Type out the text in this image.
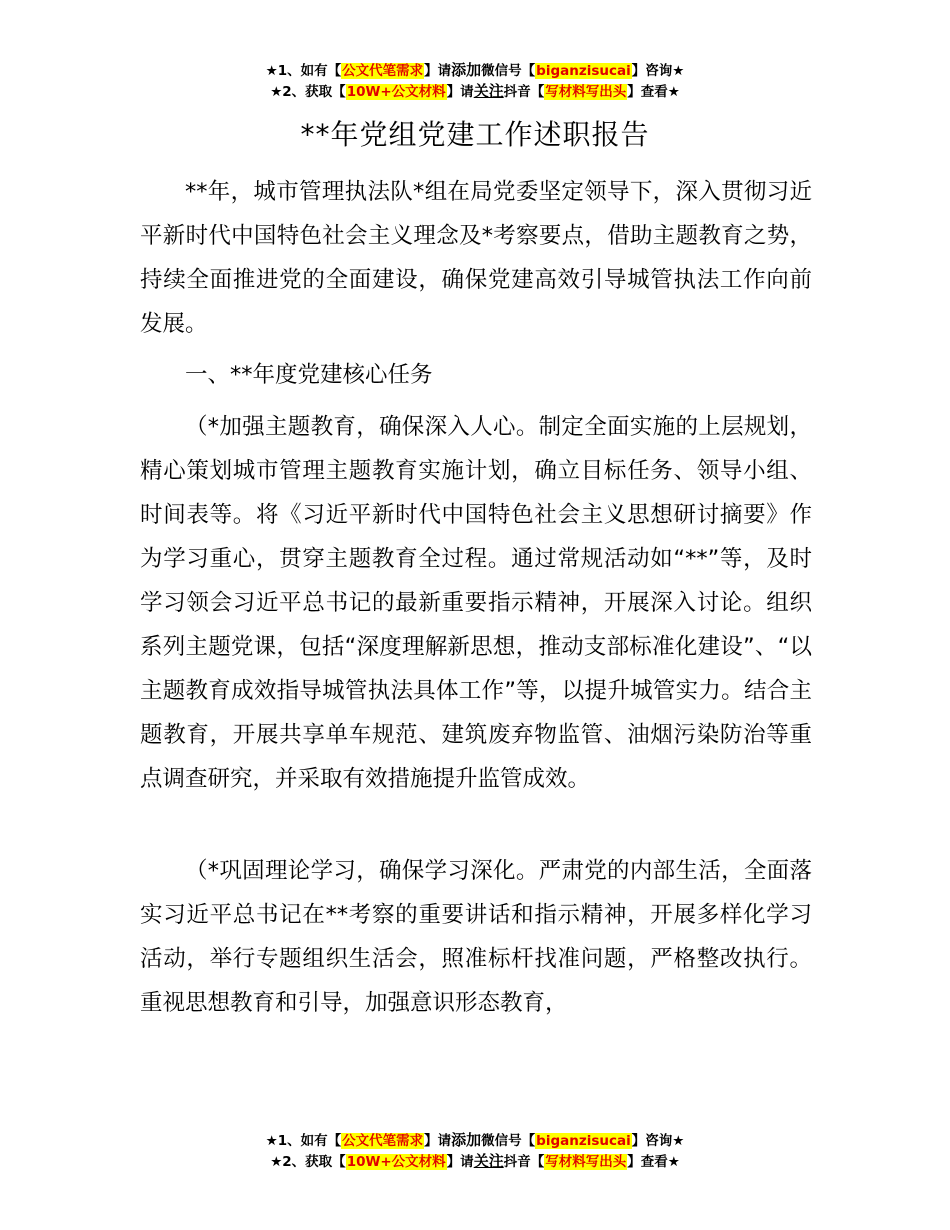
★1、如有【公文代笔需求】请添加微信号【biganzisucai】咨询★
★2、获取【10W+公文材料】请关注抖音【写材料写出头】查看★
**年党组党建工作述职报告

**年，城市管理执法队*组在局党委坚定领导下，深入贯彻习近平新时代中国特色社会主义理念及*考察要点，借助主题教育之势，持续全面推进党的全面建设，确保党建高效引导城管执法工作向前发展。

一、**年度党建核心任务

（*加强主题教育，确保深入人心。制定全面实施的上层规划，精心策划城市管理主题教育实施计划，确立目标任务、领导小组、时间表等。将《习近平新时代中国特色社会主义思想研讨摘要》作为学习重心，贯穿主题教育全过程。通过常规活动如“**”等，及时学习领会习近平总书记的最新重要指示精神，开展深入讨论。组织系列主题党课，包括“深度理解新思想，推动支部标准化建设”、“以主题教育成效指导城管执法具体工作”等，以提升城管实力。结合主题教育，开展共享单车规范、建筑废弃物监管、油烟污染防治等重点调查研究，并采取有效措施提升监管成效。

（*巩固理论学习，确保学习深化。严肃党的内部生活，全面落实习近平总书记在**考察的重要讲话和指示精神，开展多样化学习活动，举行专题组织生活会，照准标杆找准问题，严格整改执行。重视思想教育和引导，加强意识形态教育，

★1、如有【公文代笔需求】请添加微信号【biganzisucai】咨询★
★2、获取【10W+公文材料】请关注抖音【写材料写出头】查看★
